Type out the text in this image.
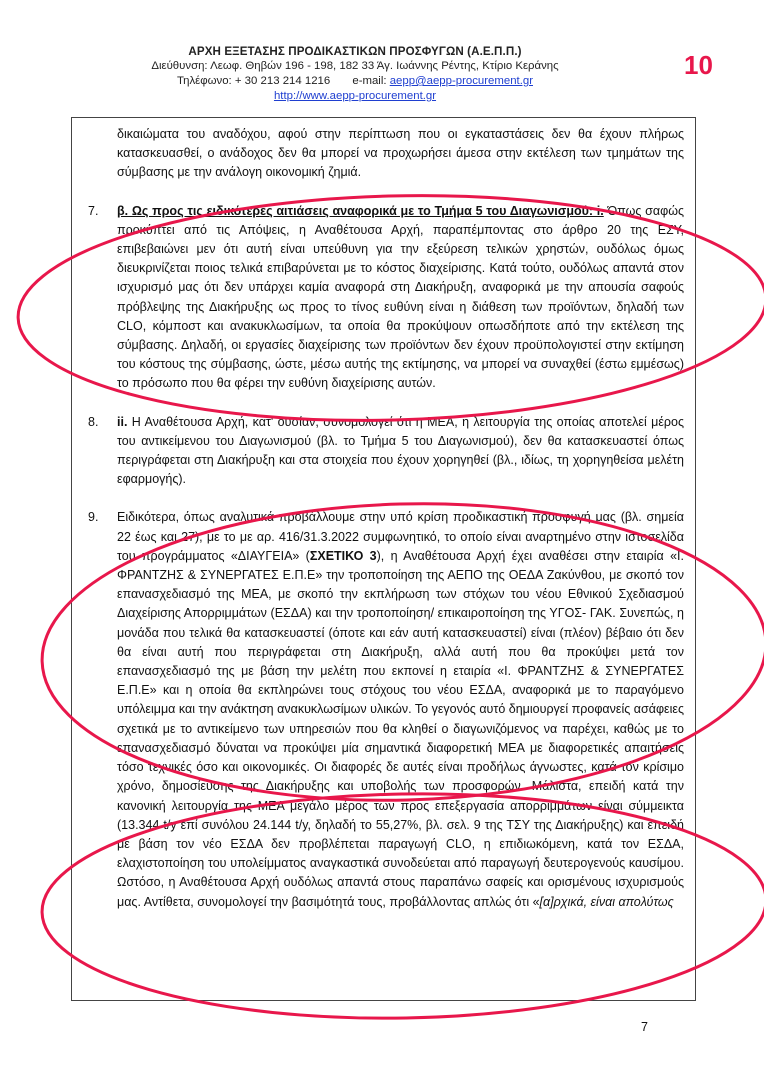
ΑΡΧΗ ΕΞΕΤΑΣΗΣ ΠΡΟΔΙΚΑΣΤΙΚΩΝ ΠΡΟΣΦΥΓΩΝ (Α.Ε.Π.Π.)
Διεύθυνση: Λεωφ. Θηβών 196 - 198, 182 33 Άγ. Ιωάννης Ρέντης, Κτίριο Κεράνης
Τηλέφωνο: + 30 213 214 1216 e-mail: aepp@aepp-procurement.gr
http://www.aepp-procurement.gr
10
δικαιώματα του αναδόχου, αφού στην περίπτωση που οι εγκαταστάσεις δεν θα έχουν πλήρως κατασκευασθεί, ο ανάδοχος δεν θα μπορεί να προχωρήσει άμεσα στην εκτέλεση των τμημάτων της σύμβασης με την ανάλογη οικονομική ζημιά.
7. β. Ως προς τις ειδικότερες αιτιάσεις αναφορικά με το Τμήμα 5 του Διαγωνισμού: i. Όπως σαφώς προκύπτει από τις Απόψεις, η Αναθέτουσα Αρχή, παραπέμποντας στο άρθρο 20 της ΕΣΥ, επιβεβαιώνει μεν ότι αυτή είναι υπεύθυνη για την εξεύρεση τελικών χρηστών, ουδόλως όμως διευκρινίζεται ποιος τελικά επιβαρύνεται με το κόστος διαχείρισης. Κατά τούτο, ουδόλως απαντά στον ισχυρισμό μας ότι δεν υπάρχει καμία αναφορά στη Διακήρυξη, αναφορικά με την απουσία σαφούς πρόβλεψης της Διακήρυξης ως προς το τίνος ευθύνη είναι η διάθεση των προϊόντων, δηλαδή των CLO, κόμποστ και ανακυκλωσίμων, τα οποία θα προκύψουν οπωσδήποτε από την εκτέλεση της σύμβασης. Δηλαδή, οι εργασίες διαχείρισης των προϊόντων δεν έχουν προϋπολογιστεί στην εκτίμηση του κόστους της σύμβασης, ώστε, μέσω αυτής της εκτίμησης, να μπορεί να συναχθεί (έστω εμμέσως) το πρόσωπο που θα φέρει την ευθύνη διαχείρισης αυτών.
8. ii. Η Αναθέτουσα Αρχή, κατ' ουσίαν, συνομολογεί ότι η ΜΕΑ, η λειτουργία της οποίας αποτελεί μέρος του αντικείμενου του Διαγωνισμού (βλ. το Τμήμα 5 του Διαγωνισμού), δεν θα κατασκευαστεί όπως περιγράφεται στη Διακήρυξη και στα στοιχεία που έχουν χορηγηθεί (βλ., ιδίως, τη χορηγηθείσα μελέτη εφαρμογής).
9. Ειδικότερα, όπως αναλυτικά προβάλλουμε στην υπό κρίση προδικαστική προσφυγή μας (βλ. σημεία 22 έως και 27), με το με αρ. 416/31.3.2022 συμφωνητικό, το οποίο είναι αναρτημένο στην ιστοσελίδα του προγράμματος «ΔΙΑΥΓΕΙΑ» (ΣΧΕΤΙΚΟ 3), η Αναθέτουσα Αρχή έχει αναθέσει στην εταιρία «Ι. ΦΡΑΝΤΖΗΣ & ΣΥΝΕΡΓΑΤΕΣ Ε.Π.Ε» την τροποποίηση της ΑΕΠΟ της ΟΕΔΑ Ζακύνθου, με σκοπό τον επανασχεδιασμό της ΜΕΑ, με σκοπό την εκπλήρωση των στόχων του νέου Εθνικού Σχεδιασμού Διαχείρισης Απορριμμάτων (ΕΣΔΑ) και την τροποποίηση/ επικαιροποίηση της ΥΓΟΣ- ΓΑΚ. Συνεπώς, η μονάδα που τελικά θα κατασκευαστεί (όποτε και εάν αυτή κατασκευαστεί) είναι (πλέον) βέβαιο ότι δεν θα είναι αυτή που περιγράφεται στη Διακήρυξη, αλλά αυτή που θα προκύψει μετά τον επανασχεδιασμό της με βάση την μελέτη που εκπονεί η εταιρία «Ι. ΦΡΑΝΤΖΗΣ & ΣΥΝΕΡΓΑΤΕΣ Ε.Π.Ε» και η οποία θα εκπληρώνει τους στόχους του νέου ΕΣΔΑ, αναφορικά με το παραγόμενο υπόλειμμα και την ανάκτηση ανακυκλωσίμων υλικών. Το γεγονός αυτό δημιουργεί προφανείς ασάφειες σχετικά με το αντικείμενο των υπηρεσιών που θα κληθεί ο διαγωνιζόμενος να παρέχει, καθώς με το επανασχεδιασμό δύναται να προκύψει μία σημαντικά διαφορετική ΜΕΑ με διαφορετικές απαιτήσεις τόσο τεχνικές όσο και οικονομικές. Οι διαφορές δε αυτές είναι προδήλως άγνωστες, κατά τον κρίσιμο χρόνο, δημοσίευσης της Διακήρυξης και υποβολής των προσφορών. Μάλιστα, επειδή κατά την κανονική λειτουργία της ΜΕΑ μεγάλο μέρος των προς επεξεργασία απορριμμάτων είναι σύμμεικτα (13.344 t/y επί συνόλου 24.144 t/y, δηλαδή το 55,27%, βλ. σελ. 9 της ΤΣΥ της Διακήρυξης) και επειδή με βάση τον νέο ΕΣΔΑ δεν προβλέπεται παραγωγή CLO, η επιδιωκόμενη, κατά τον ΕΣΔΑ, ελαχιστοποίηση του υπολείμματος αναγκαστικά συνοδεύεται από παραγωγή δευτερογενούς καυσίμου. Ωστόσο, η Αναθέτουσα Αρχή ουδόλως απαντά στους παραπάνω σαφείς και ορισμένους ισχυρισμούς μας. Αντίθετα, συνομολογεί την βασιμότητά τους, προβάλλοντας απλώς ότι «[α]ρχικά, είναι απολύτως
7
